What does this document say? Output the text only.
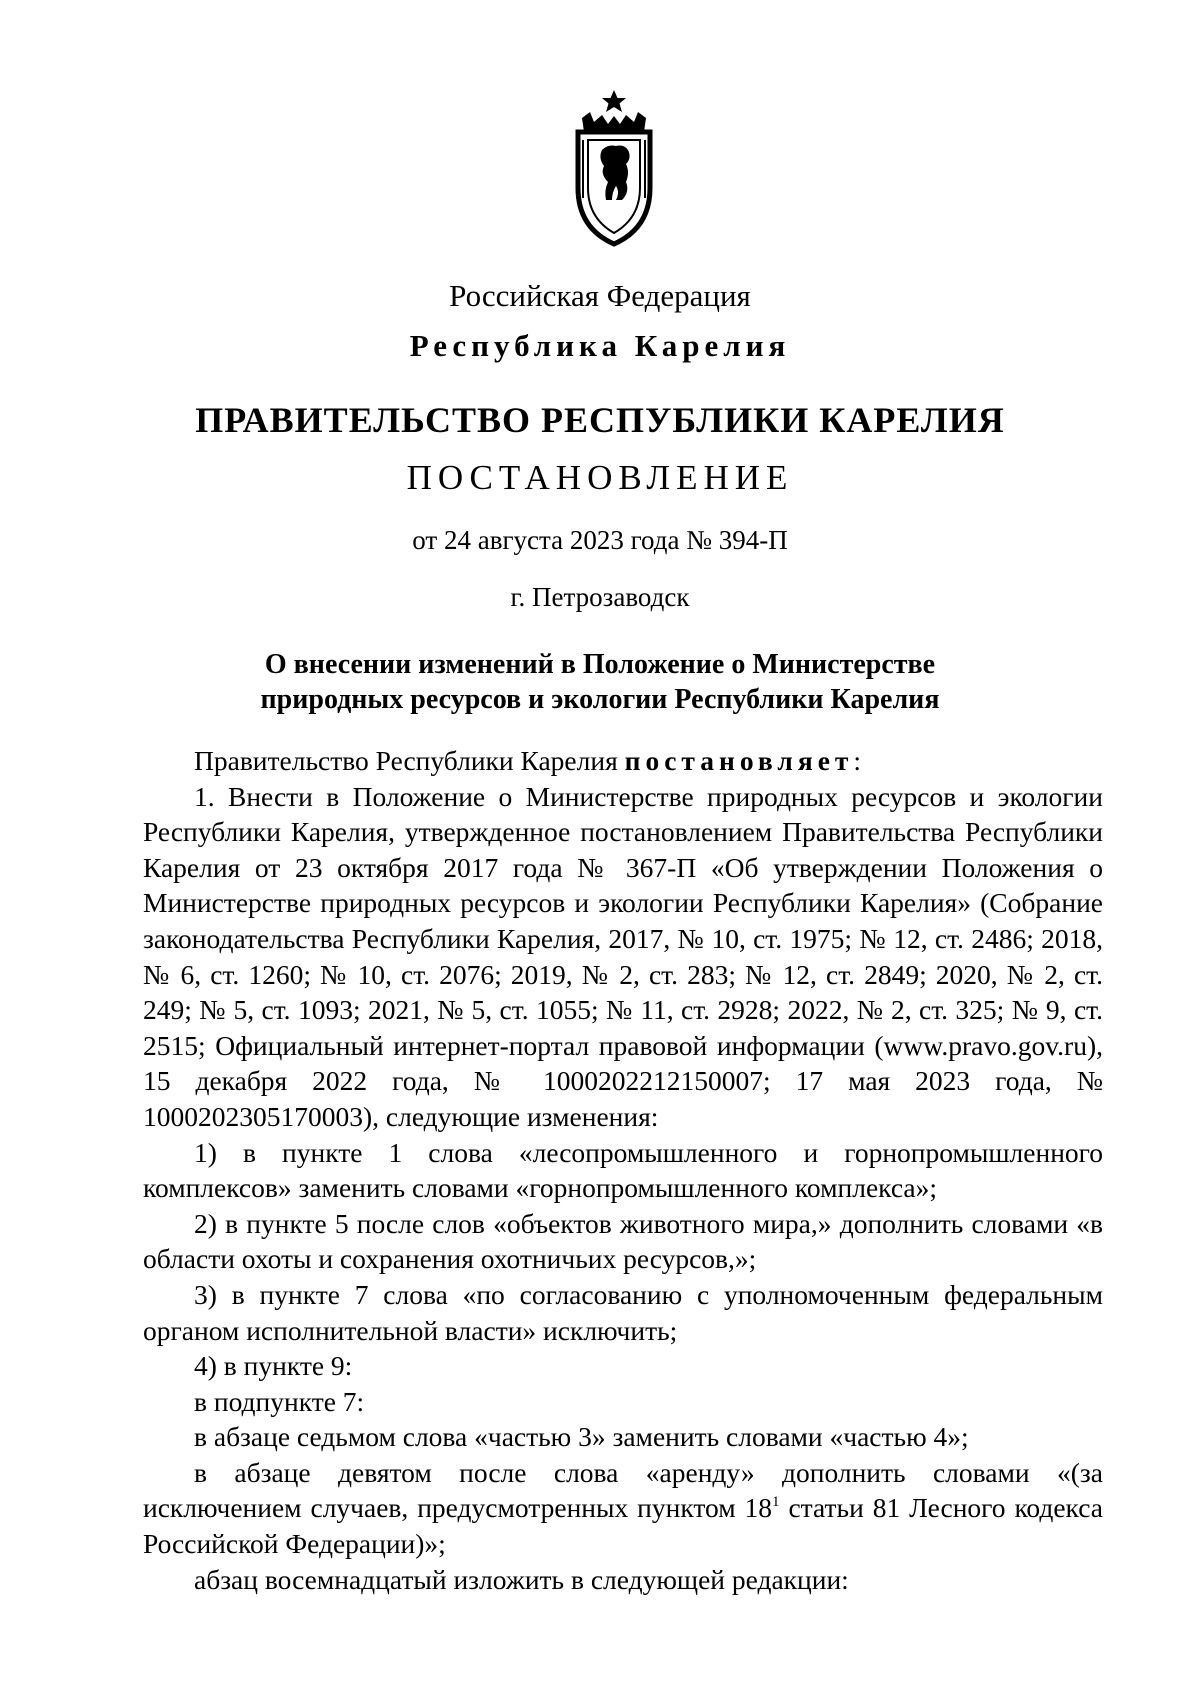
Российская Федерация
Республика Карелия
ПРАВИТЕЛЬСТВО РЕСПУБЛИКИ КАРЕЛИЯ
ПОСТАНОВЛЕНИЕ
от 24 августа 2023 года № 394-П
г. Петрозаводск
О внесении изменений в Положение о Министерстве
природных ресурсов и экологии Республики Карелия

Правительство Республики Карелия постановляет:

1. Внести в Положение о Министерстве природных ресурсов и экологии Республики Карелия, утвержденное постановлением Правительства Республики Карелия от 23 октября 2017 года № 367-П «Об утверждении Положения о Министерстве природных ресурсов и экологии Республики Карелия» (Собрание законодательства Республики Карелия, 2017, № 10, ст. 1975; № 12, ст. 2486; 2018, № 6, ст. 1260; № 10, ст. 2076; 2019, № 2, ст. 283; № 12, ст. 2849; 2020, № 2, ст. 249; № 5, ст. 1093; 2021, № 5, ст. 1055; № 11, ст. 2928; 2022, № 2, ст. 325; № 9, ст. 2515; Официальный интернет-портал правовой информации (www.pravo.gov.ru), 15 декабря 2022 года, № 1000202212150007; 17 мая 2023 года, № 1000202305170003), следующие изменения:

1) в пункте 1 слова «лесопромышленного и горнопромышленного комплексов» заменить словами «горнопромышленного комплекса»;

2) в пункте 5 после слов «объектов животного мира,» дополнить словами «в области охоты и сохранения охотничьих ресурсов,»;

3) в пункте 7 слова «по согласованию с уполномоченным федеральным органом исполнительной власти» исключить;

4) в пункте 9:

в подпункте 7:

в абзаце седьмом слова «частью 3» заменить словами «частью 4»;

в абзаце девятом после слова «аренду» дополнить словами «(за исключением случаев, предусмотренных пунктом $18^1$ статьи 81 Лесного кодекса Российской Федерации)»;

абзац восемнадцатый изложить в следующей редакции:
